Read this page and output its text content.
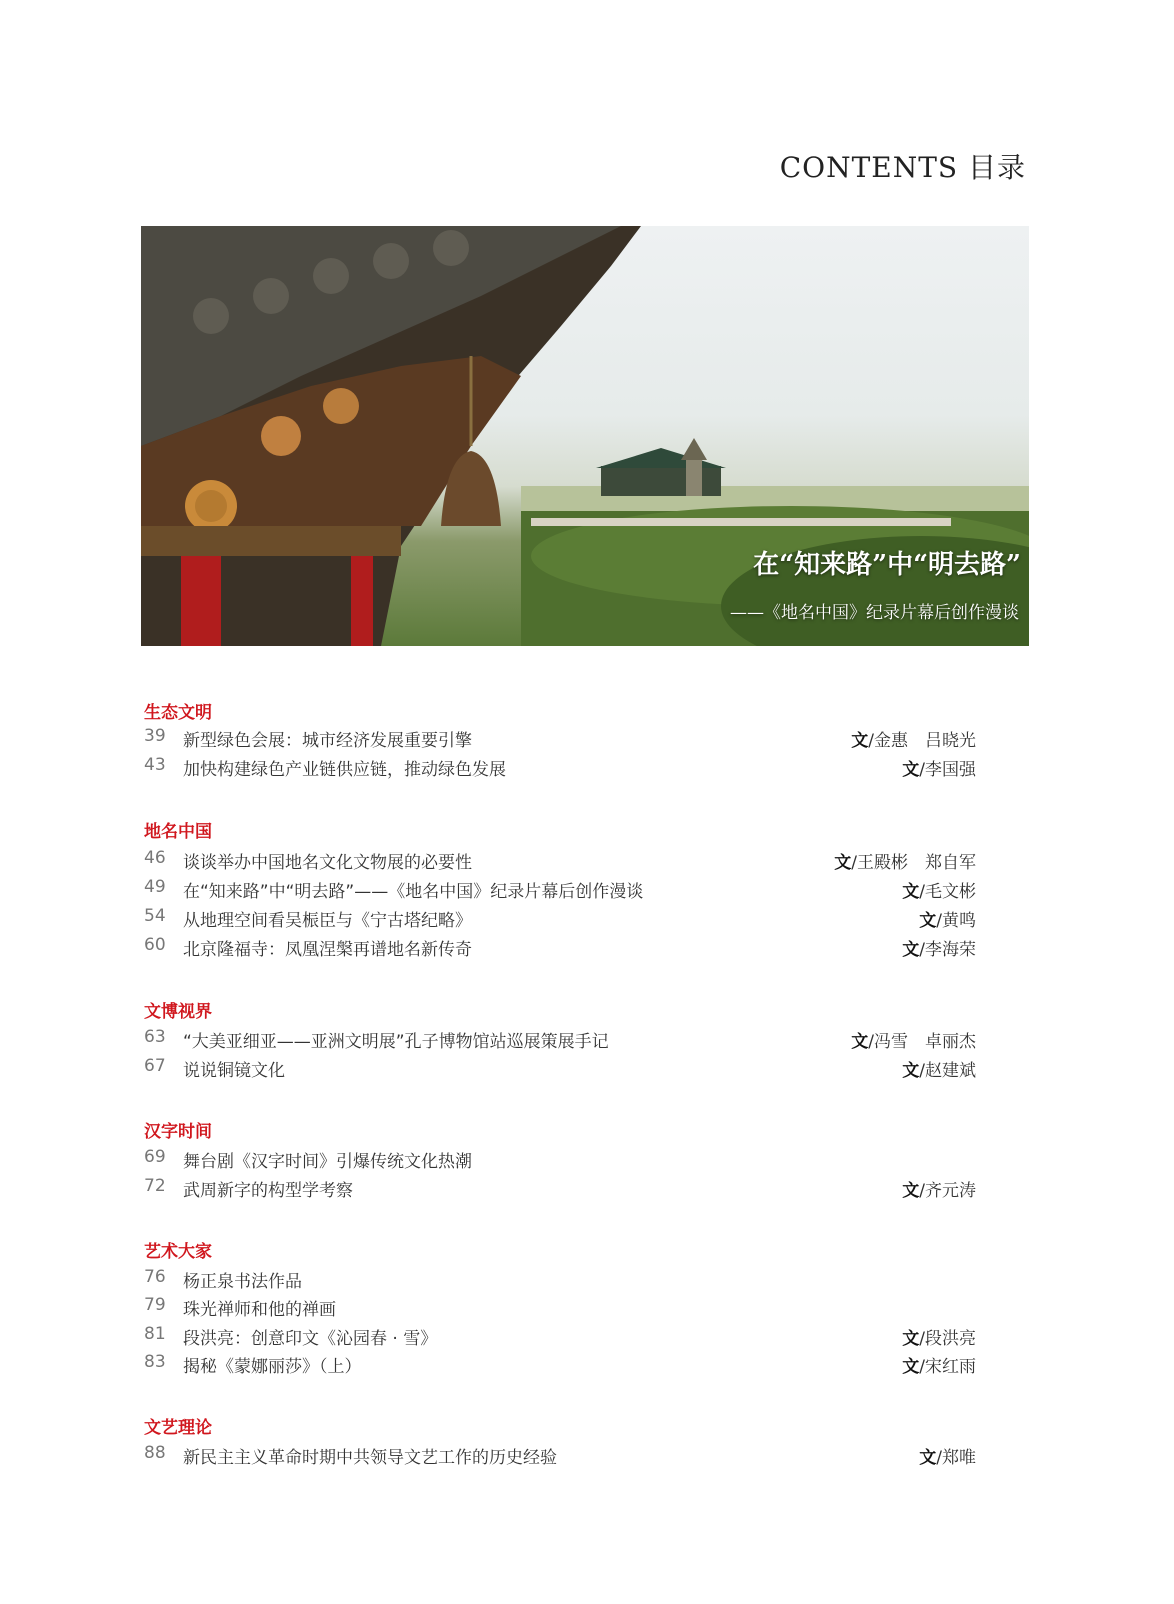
CONTENTS 目录
在“知来路”中“明去路”
——《地名中国》纪录片幕后创作漫谈
生态文明
39	新型绿色会展：城市经济发展重要引擎	文/金惠　吕晓光
43	加快构建绿色产业链供应链，推动绿色发展	文/李国强
地名中国
46	谈谈举办中国地名文化文物展的必要性	文/王殿彬　郑自军
49	在“知来路”中“明去路”——《地名中国》纪录片幕后创作漫谈	文/毛文彬
54	从地理空间看吴桭臣与《宁古塔纪略》	文/黄鸣
60	北京隆福寺：凤凰涅槃再谱地名新传奇	文/李海荣
文博视界
63	“大美亚细亚——亚洲文明展”孔子博物馆站巡展策展手记	文/冯雪　卓丽杰
67	说说铜镜文化	文/赵建斌
汉字时间
69	舞台剧《汉字时间》引爆传统文化热潮
72	武周新字的构型学考察	文/齐元涛
艺术大家
76	杨正泉书法作品
79	珠光禅师和他的禅画
81	段洪亮：创意印文《沁园春 · 雪》	文/段洪亮
83	揭秘《蒙娜丽莎》（上）	文/宋红雨
文艺理论
88	新民主主义革命时期中共领导文艺工作的历史经验	文/郑唯
